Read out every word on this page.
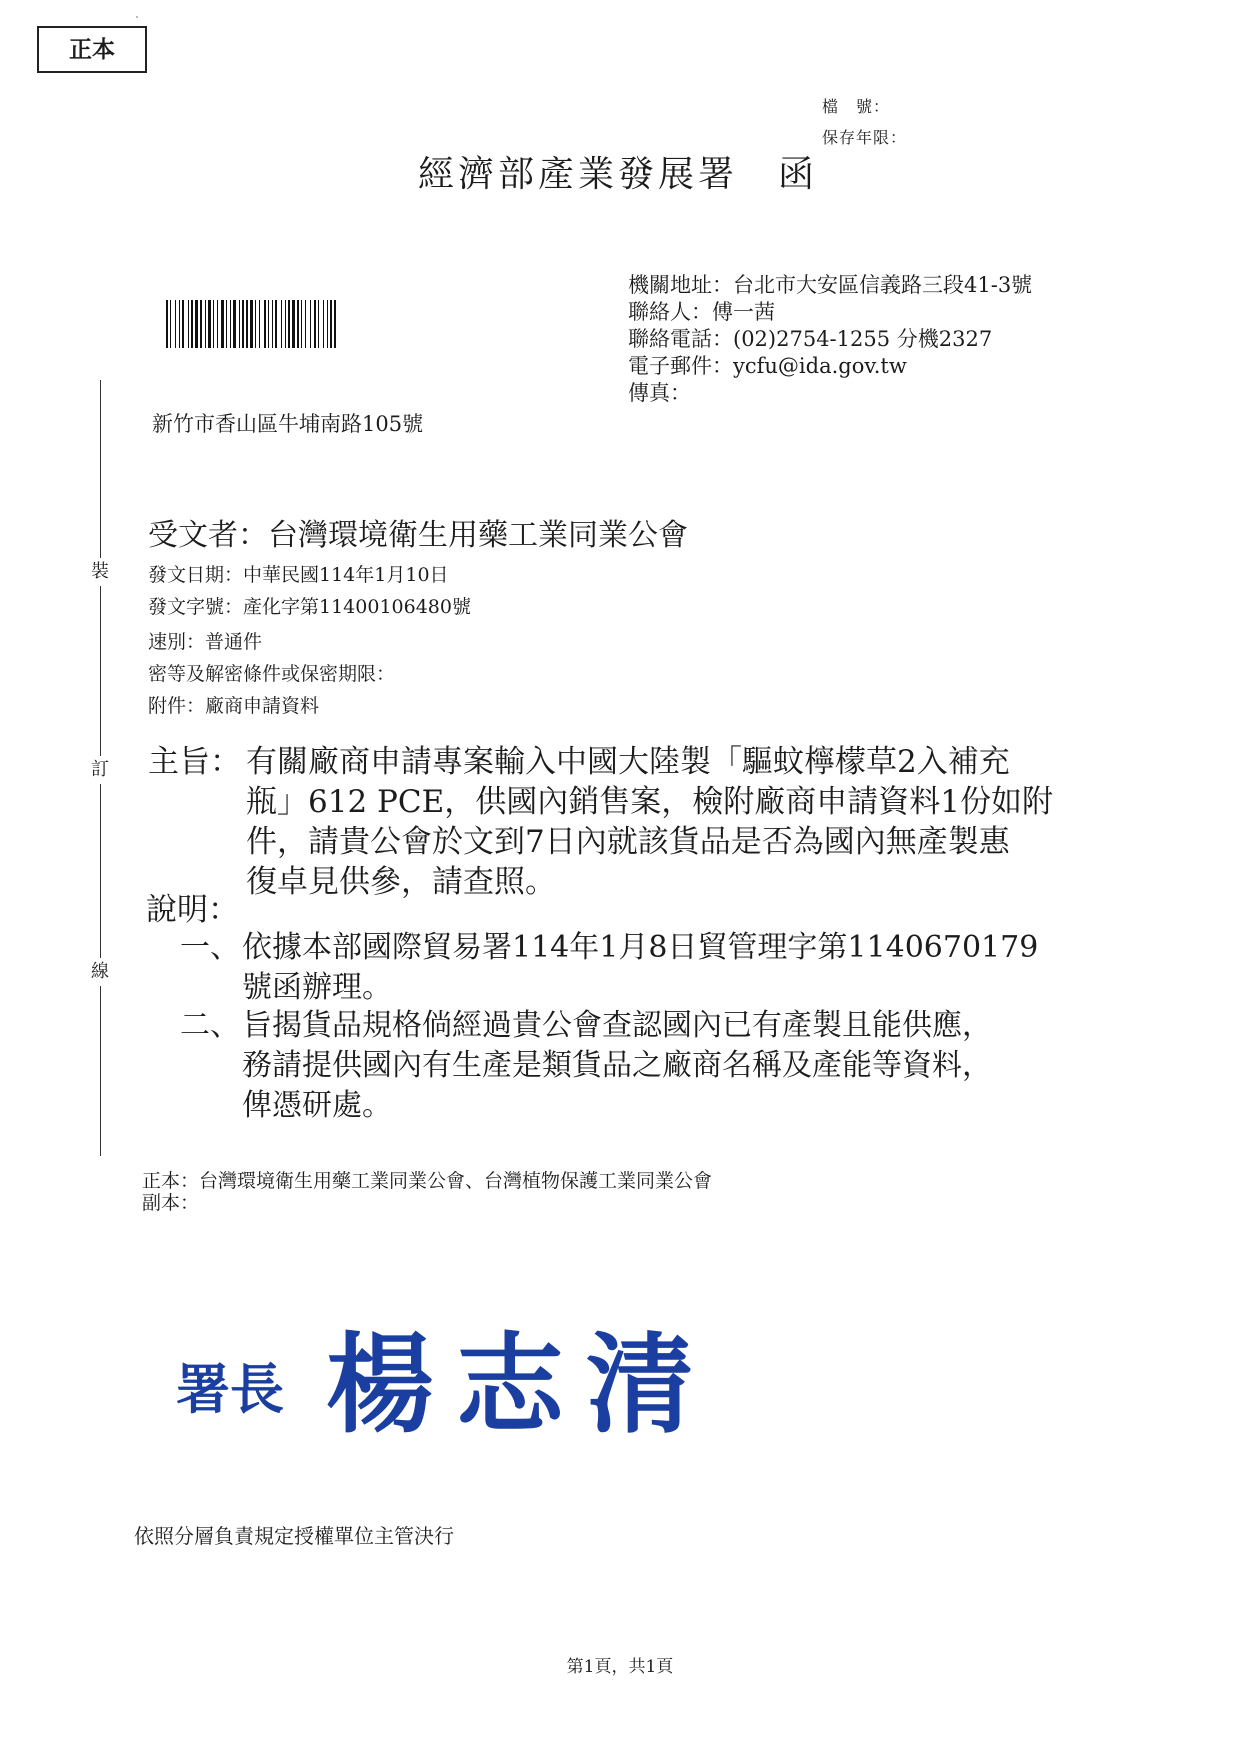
正本
檔　號：
保存年限：
經濟部產業發展署　函
機關地址：台北市大安區信義路三段41-3號
聯絡人：傅一茜
聯絡電話：(02)2754-1255 分機2327
電子郵件：ycfu@ida.gov.tw
傳真：
新竹市香山區牛埔南路105號
裝
訂
線
受文者：台灣環境衛生用藥工業同業公會
發文日期：中華民國114年1月10日
發文字號：產化字第11400106480號
速別：普通件
密等及解密條件或保密期限：
附件：廠商申請資料
主旨： 有關廠商申請專案輸入中國大陸製「驅蚊檸檬草2入補充
瓶」612 PCE，供國內銷售案，檢附廠商申請資料1份如附
件，請貴公會於文到7日內就該貨品是否為國內無產製惠
復卓見供參，請查照。
說明：
一、 依據本部國際貿易署114年1月8日貿管理字第1140670179
號函辦理。
二、 旨揭貨品規格倘經過貴公會查認國內已有產製且能供應，
務請提供國內有生產是類貨品之廠商名稱及產能等資料，
俾憑研處。
正本：台灣環境衛生用藥工業同業公會、台灣植物保護工業同業公會
副本：
署長 楊志清
依照分層負責規定授權單位主管決行
第1頁，共1頁
